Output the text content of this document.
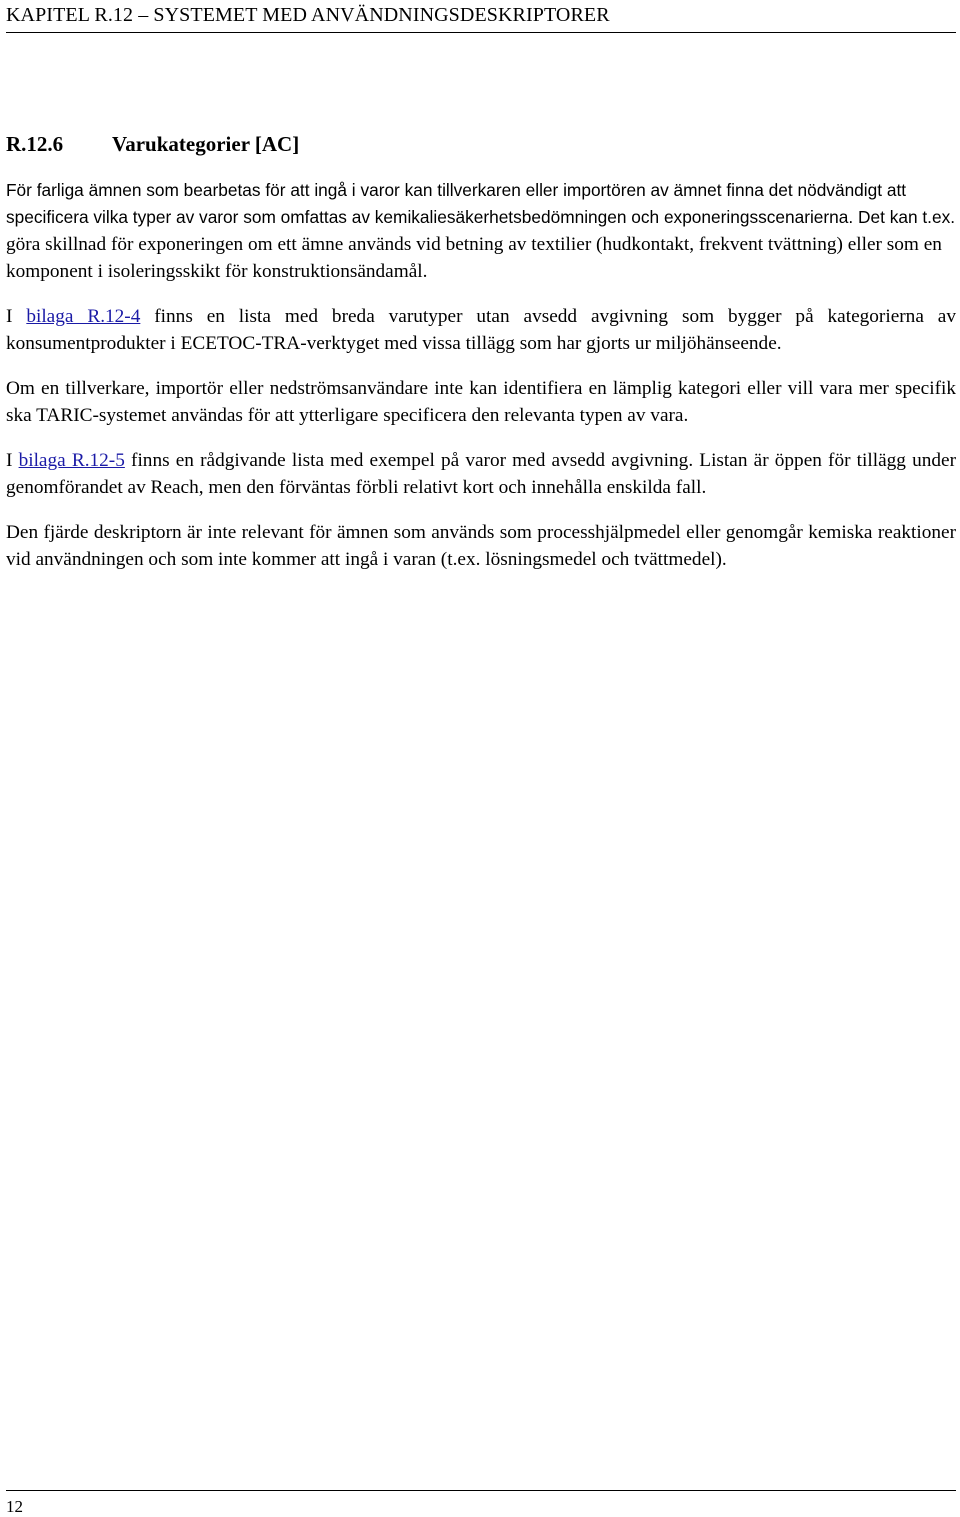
KAPITEL R.12 – SYSTEMET MED ANVÄNDNINGSDESKRIPTORER
R.12.6 Varukategorier [AC]

För farliga ämnen som bearbetas för att ingå i varor kan tillverkaren eller importören av ämnet finna det nödvändigt att specificera vilka typer av varor som omfattas av kemikaliesäkerhetsbedömningen och exponeringsscenarierna. Det kan t.ex. göra skillnad för exponeringen om ett ämne används vid betning av textilier (hudkontakt, frekvent tvättning) eller som en komponent i isoleringsskikt för konstruktionsändamål.

I bilaga R.12-4 finns en lista med breda varutyper utan avsedd avgivning som bygger på kategorierna av konsumentprodukter i ECETOC-TRA-verktyget med vissa tillägg som har gjorts ur miljöhänseende.

Om en tillverkare, importör eller nedströmsanvändare inte kan identifiera en lämplig kategori eller vill vara mer specifik ska TARIC-systemet användas för att ytterligare specificera den relevanta typen av vara.

I bilaga R.12-5 finns en rådgivande lista med exempel på varor med avsedd avgivning. Listan är öppen för tillägg under genomförandet av Reach, men den förväntas förbli relativt kort och innehålla enskilda fall.

Den fjärde deskriptorn är inte relevant för ämnen som används som processhjälpmedel eller genomgår kemiska reaktioner vid användningen och som inte kommer att ingå i varan (t.ex. lösningsmedel och tvättmedel).

12
